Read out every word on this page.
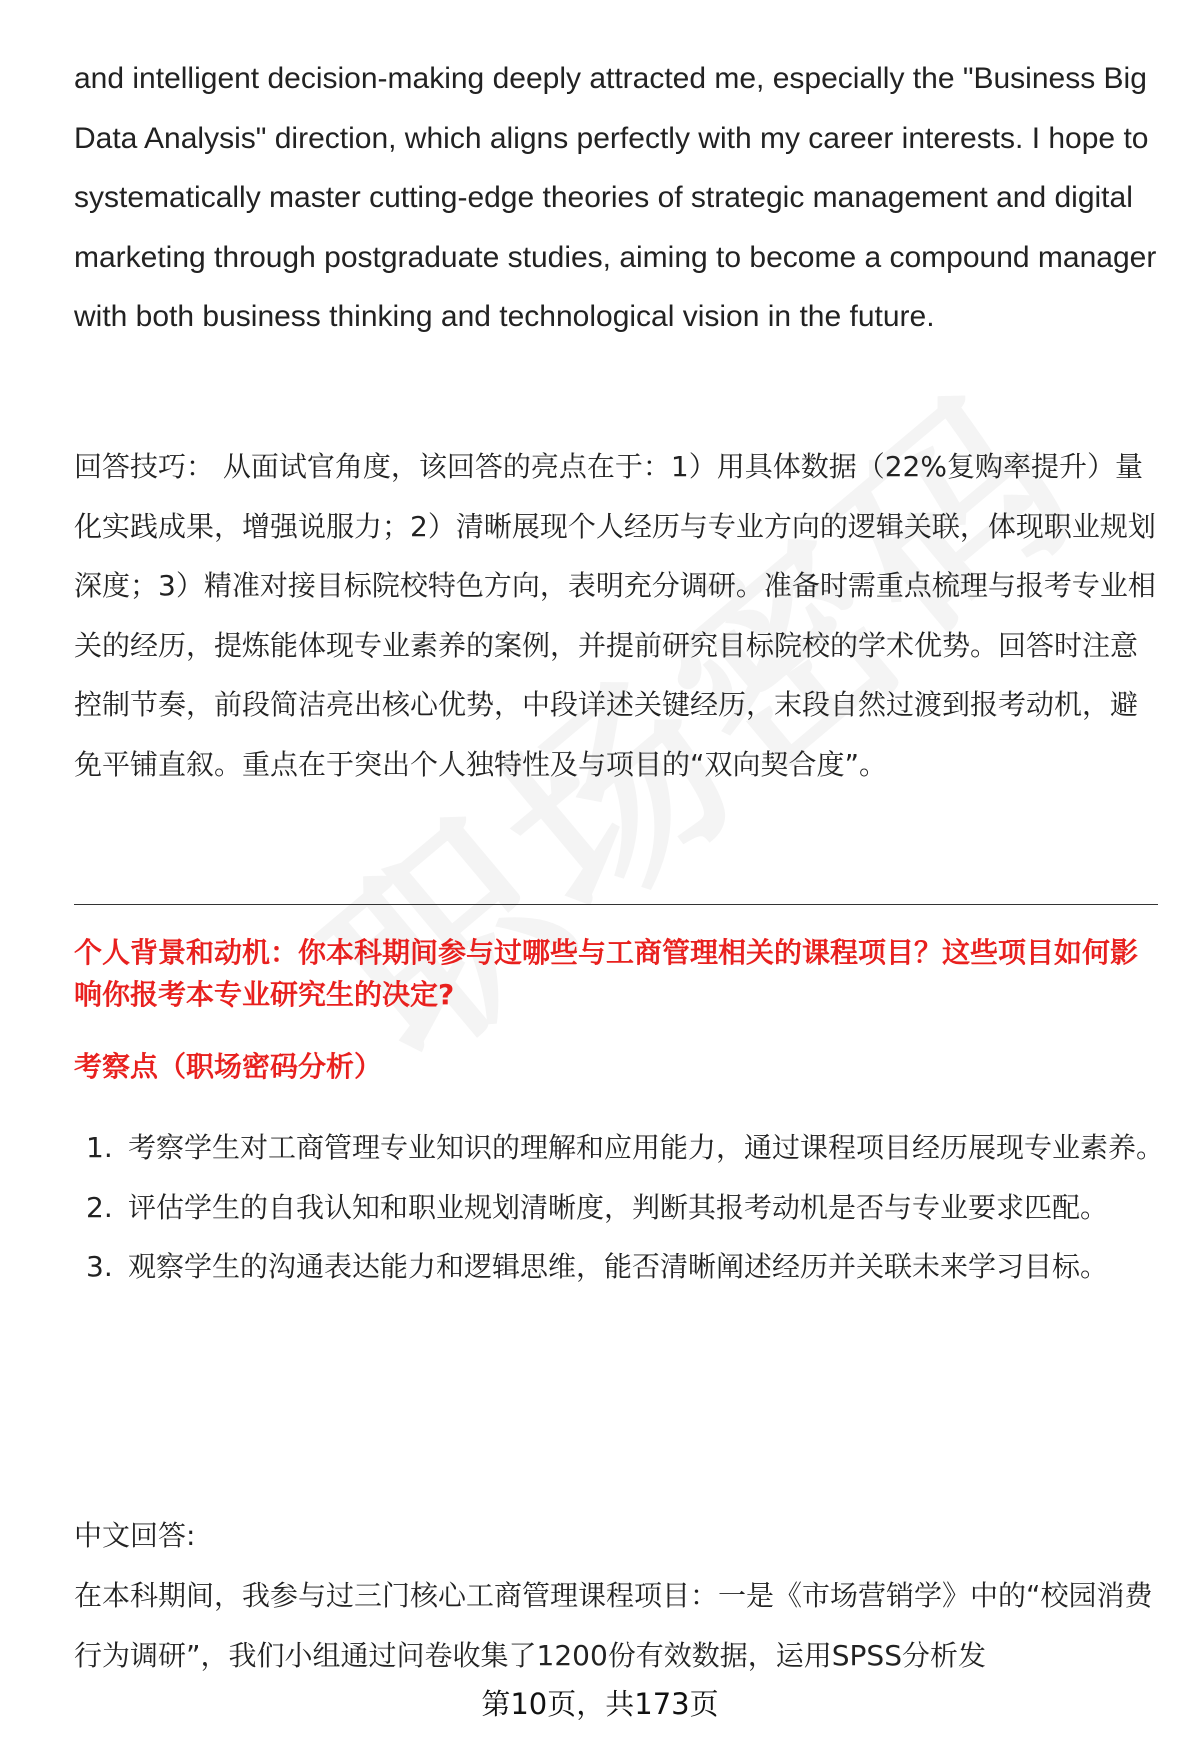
and intelligent decision-making deeply attracted me, especially the "Business Big Data Analysis" direction, which aligns perfectly with my career interests. I hope to systematically master cutting-edge theories of strategic management and digital marketing through postgraduate studies, aiming to become a compound manager with both business thinking and technological vision in the future.

回答技巧： 从面试官角度，该回答的亮点在于：1）用具体数据（22%复购率提升）量化实践成果，增强说服力；2）清晰展现个人经历与专业方向的逻辑关联，体现职业规划深度；3）精准对接目标院校特色方向，表明充分调研。准备时需重点梳理与报考专业相关的经历，提炼能体现专业素养的案例，并提前研究目标院校的学术优势。回答时注意控制节奏，前段简洁亮出核心优势，中段详述关键经历，末段自然过渡到报考动机，避免平铺直叙。重点在于突出个人独特性及与项目的“双向契合度”。

个人背景和动机：你本科期间参与过哪些与工商管理相关的课程项目？这些项目如何影响你报考本专业研究生的决定?
考察点（职场密码分析）
1. 考察学生对工商管理专业知识的理解和应用能力，通过课程项目经历展现专业素养。
2. 评估学生的自我认知和职业规划清晰度，判断其报考动机是否与专业要求匹配。
3. 观察学生的沟通表达能力和逻辑思维，能否清晰阐述经历并关联未来学习目标。

中文回答:

在本科期间，我参与过三门核心工商管理课程项目：一是《市场营销学》中的“校园消费行为调研”，我们小组通过问卷收集了1200份有效数据，运用SPSS分析发

第10页，共173页
